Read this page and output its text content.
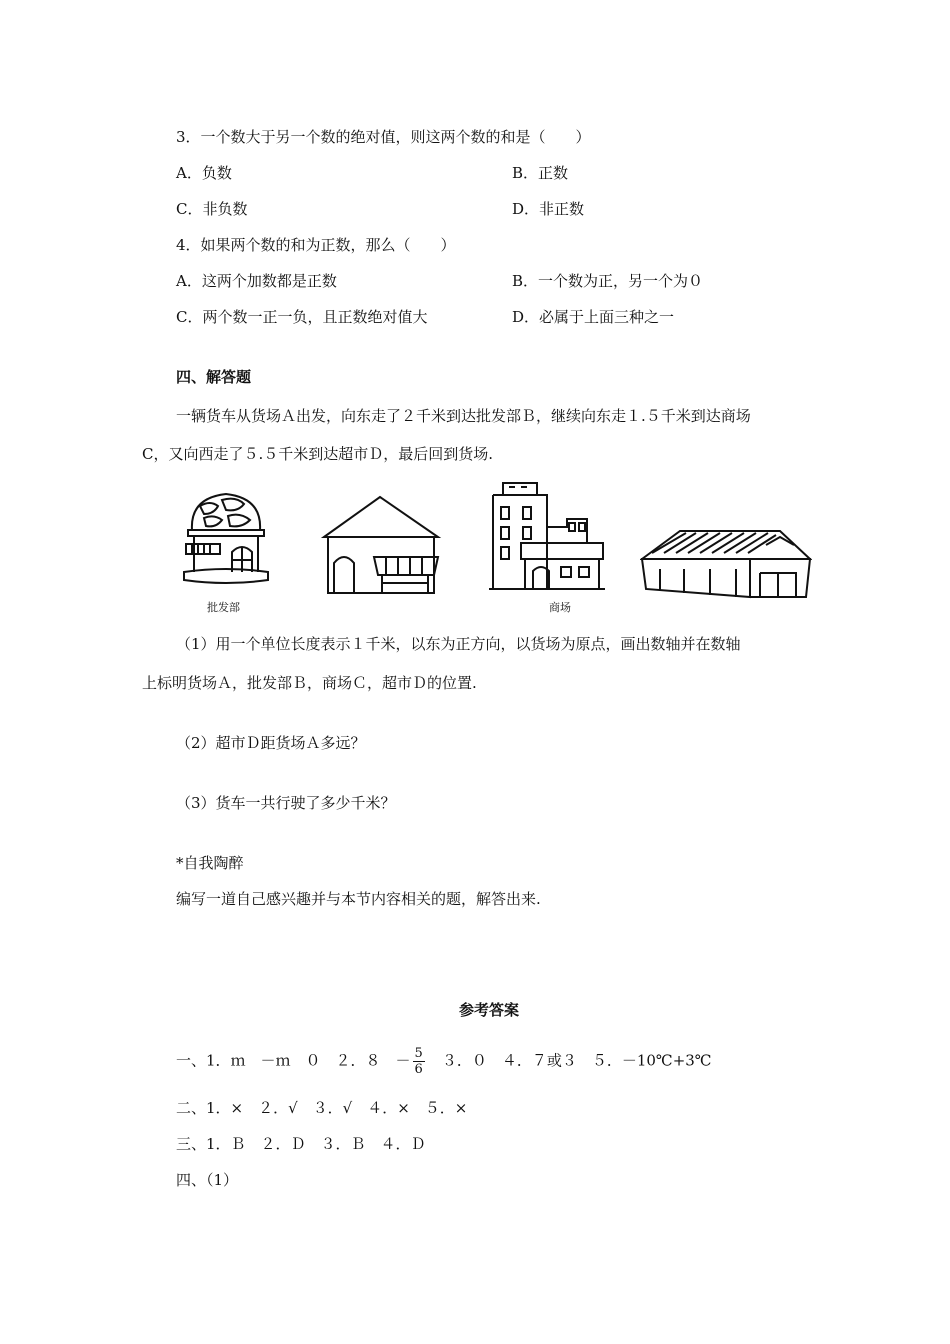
3．一个数大于另一个数的绝对值，则这两个数的和是（　　）
A．负数	B．正数
C．非负数	D．非正数
4．如果两个数的和为正数，那么（　　）
A．这两个加数都是正数	B．一个数为正，另一个为０
C．两个数一正一负，且正数绝对值大	D．必属于上面三种之一
四、解答题
一辆货车从货场Ａ出发，向东走了２千米到达批发部Ｂ，继续向东走１.５千米到达商场
C，又向西走了５.５千米到达超市Ｄ，最后回到货场.
批发部	商场
（1）用一个单位长度表示１千米，以东为正方向，以货场为原点，画出数轴并在数轴
上标明货场Ａ，批发部Ｂ，商场Ｃ，超市Ｄ的位置.
（2）超市Ｄ距货场Ａ多远？
（3）货车一共行驶了多少千米？
*自我陶醉
编写一道自己感兴趣并与本节内容相关的题，解答出来.
参考答案
一、1．ｍ　－ｍ　０　２．８　－ $\frac{5}{6}$ 　３．０　４．７或３　５．－10℃+3℃
二、1．×　２．√　３．√　４．×　５．×
三、1．Ｂ　２．Ｄ　３．Ｂ　４．Ｄ
四、（1）
